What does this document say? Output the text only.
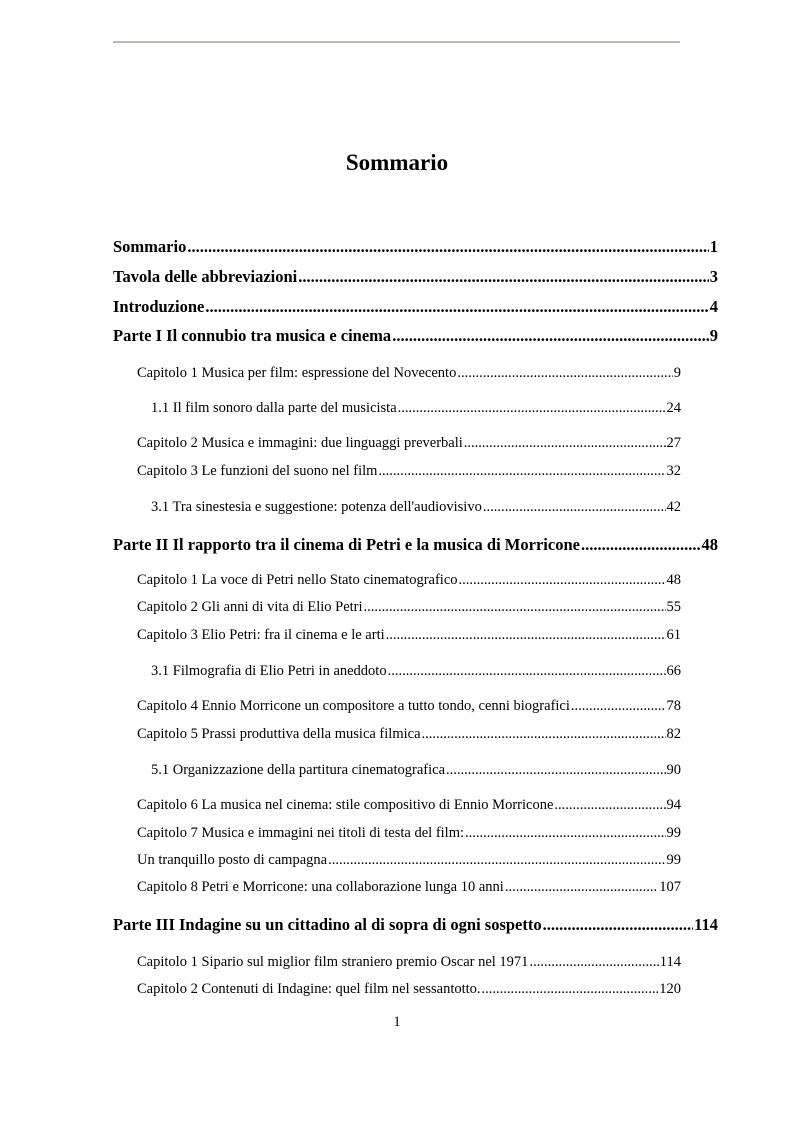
Sommario
Sommario .....	1
Tavola delle abbreviazioni .....	3
Introduzione .....	4
Parte I Il connubio tra musica e cinema .....	9
Capitolo 1 Musica per film: espressione del Novecento .....	9
1.1 Il film sonoro dalla parte del musicista .....	24
Capitolo 2 Musica e immagini: due linguaggi preverbali .....	27
Capitolo 3 Le funzioni del suono nel film .....	32
3.1 Tra sinestesia e suggestione: potenza dell'audiovisivo .....	42
Parte II Il rapporto tra il cinema di Petri e la musica di Morricone .....	48
Capitolo 1 La voce di Petri nello Stato cinematografico .....	48
Capitolo 2 Gli anni di vita di Elio Petri .....	55
Capitolo 3 Elio Petri: fra il cinema e le arti .....	61
3.1 Filmografia di Elio Petri in aneddoto .....	66
Capitolo 4 Ennio Morricone un compositore a tutto tondo, cenni biografici .....	78
Capitolo 5 Prassi produttiva della musica filmica .....	82
5.1 Organizzazione della partitura cinematografica .....	90
Capitolo 6 La musica nel cinema: stile compositivo di Ennio Morricone .....	94
Capitolo 7 Musica e immagini nei titoli di testa del film: .....	99
Un tranquillo posto di campagna .....	99
Capitolo 8 Petri e Morricone: una collaborazione lunga 10 anni .....	107
Parte III Indagine su un cittadino al di sopra di ogni sospetto .....	114
Capitolo 1 Sipario sul miglior film straniero premio Oscar nel 1971 .....	114
Capitolo 2 Contenuti di Indagine: quel film nel sessantotto. .....	120
1
